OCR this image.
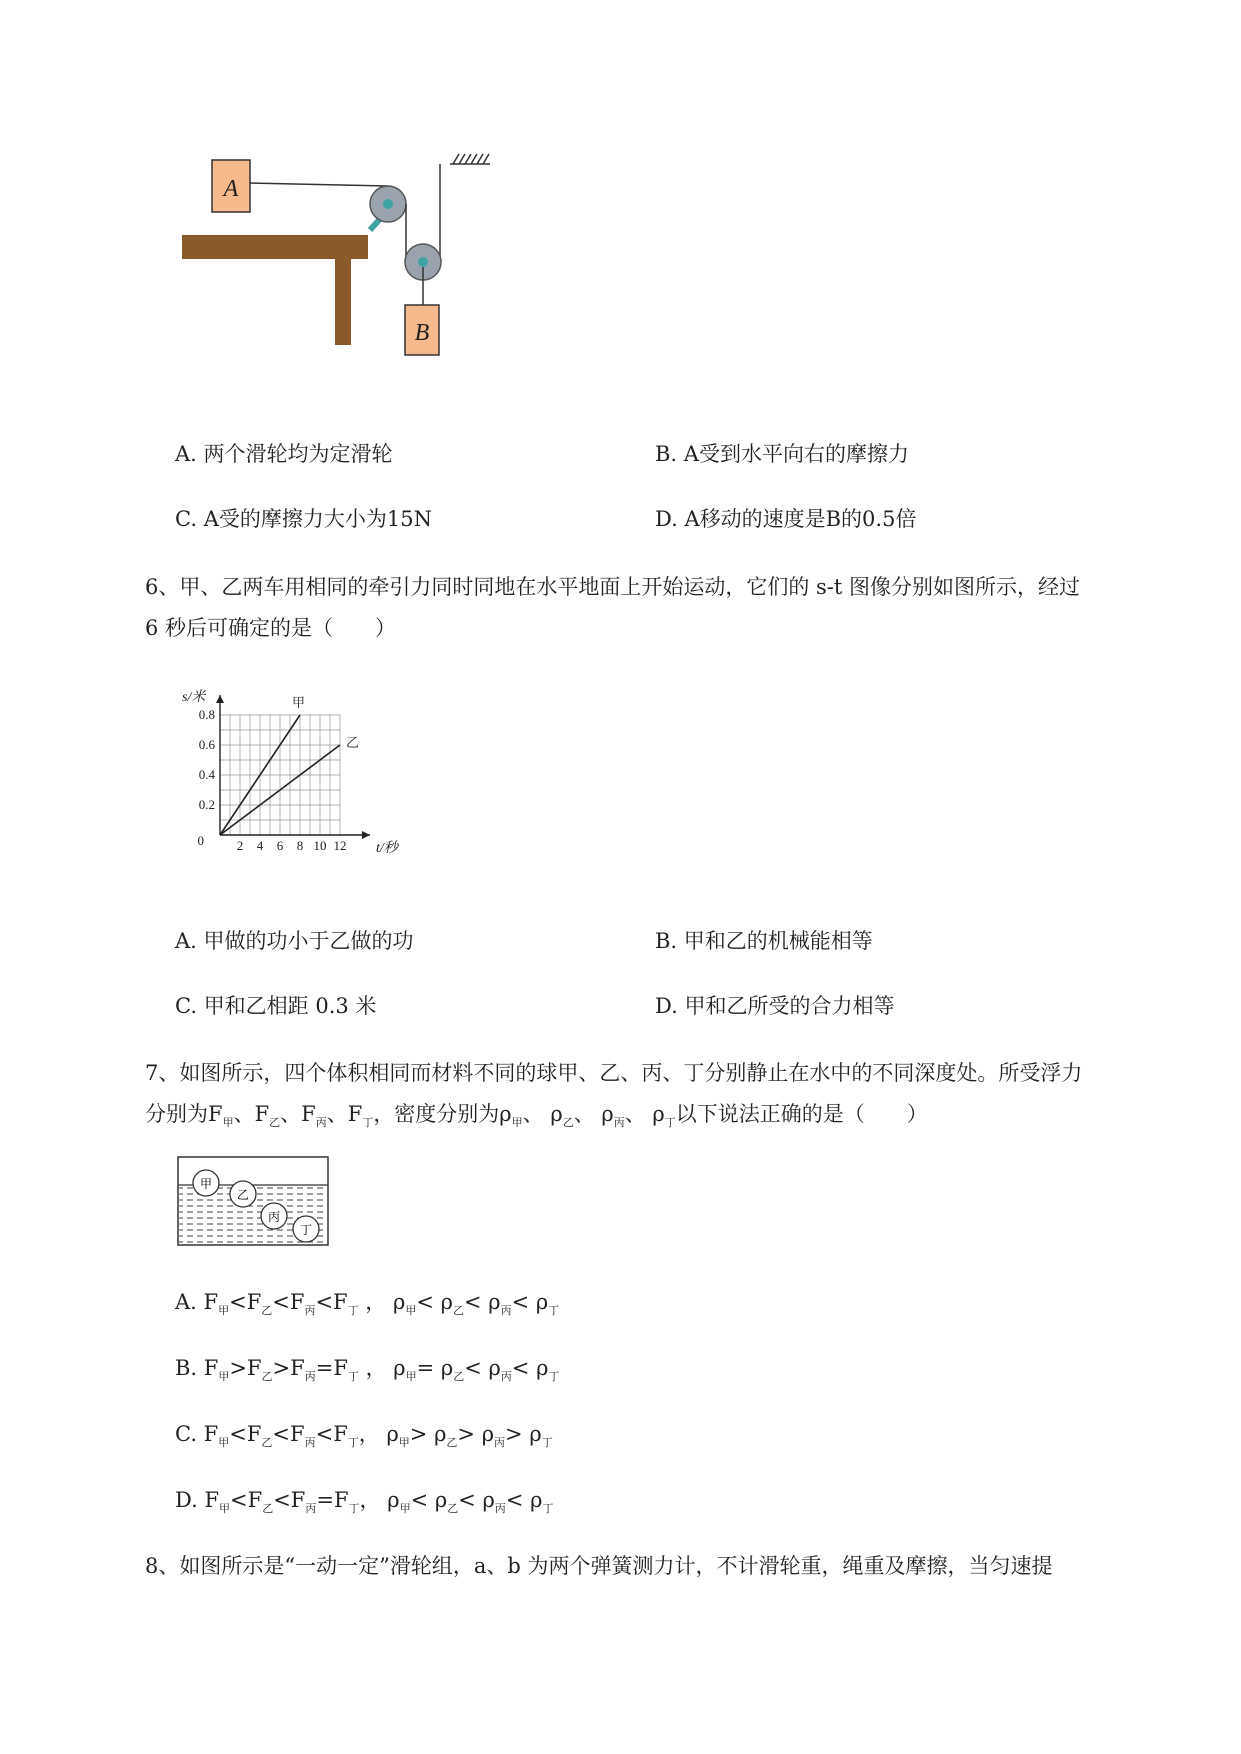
A
B
A. 两个滑轮均为定滑轮	B. A受到水平向右的摩擦力
C. A受的摩擦力大小为15N	D. A移动的速度是B的0.5倍
6、甲、乙两车用相同的牵引力同时同地在水平地面上开始运动，它们的 s-t 图像分别如图所示，经过
6 秒后可确定的是（　　）
s/米
t/秒
0	2 4 6 8 10 12
0.2
0.4
0.6
0.8
甲
乙
A. 甲做的功小于乙做的功	B. 甲和乙的机械能相等
C. 甲和乙相距 0.3 米	D. 甲和乙所受的合力相等
7、如图所示，四个体积相同而材料不同的球甲、乙、丙、丁分别静止在水中的不同深度处。所受浮力
分别为$F_甲$、$F_乙$、$F_丙$、$F_丁$，密度分别为$\rho_甲$、 $\rho_乙$、 $\rho_丙$、 $\rho_丁$以下说法正确的是（　　）
甲
乙
丙
丁
A. $F_甲<F_乙<F_丙<F_丁$ ， $\rho_甲< \rho_乙< \rho_丙< \rho_丁$
B. $F_甲>F_乙>F_丙=F_丁$ ， $\rho_甲= \rho_乙< \rho_丙< \rho_丁$
C. $F_甲<F_乙<F_丙<F_丁$， $\rho_甲> \rho_乙> \rho_丙> \rho_丁$
D. $F_甲<F_乙<F_丙=F_丁$， $\rho_甲< \rho_乙< \rho_丙< \rho_丁$
8、如图所示是“一动一定”滑轮组，a、b 为两个弹簧测力计，不计滑轮重，绳重及摩擦，当匀速提
